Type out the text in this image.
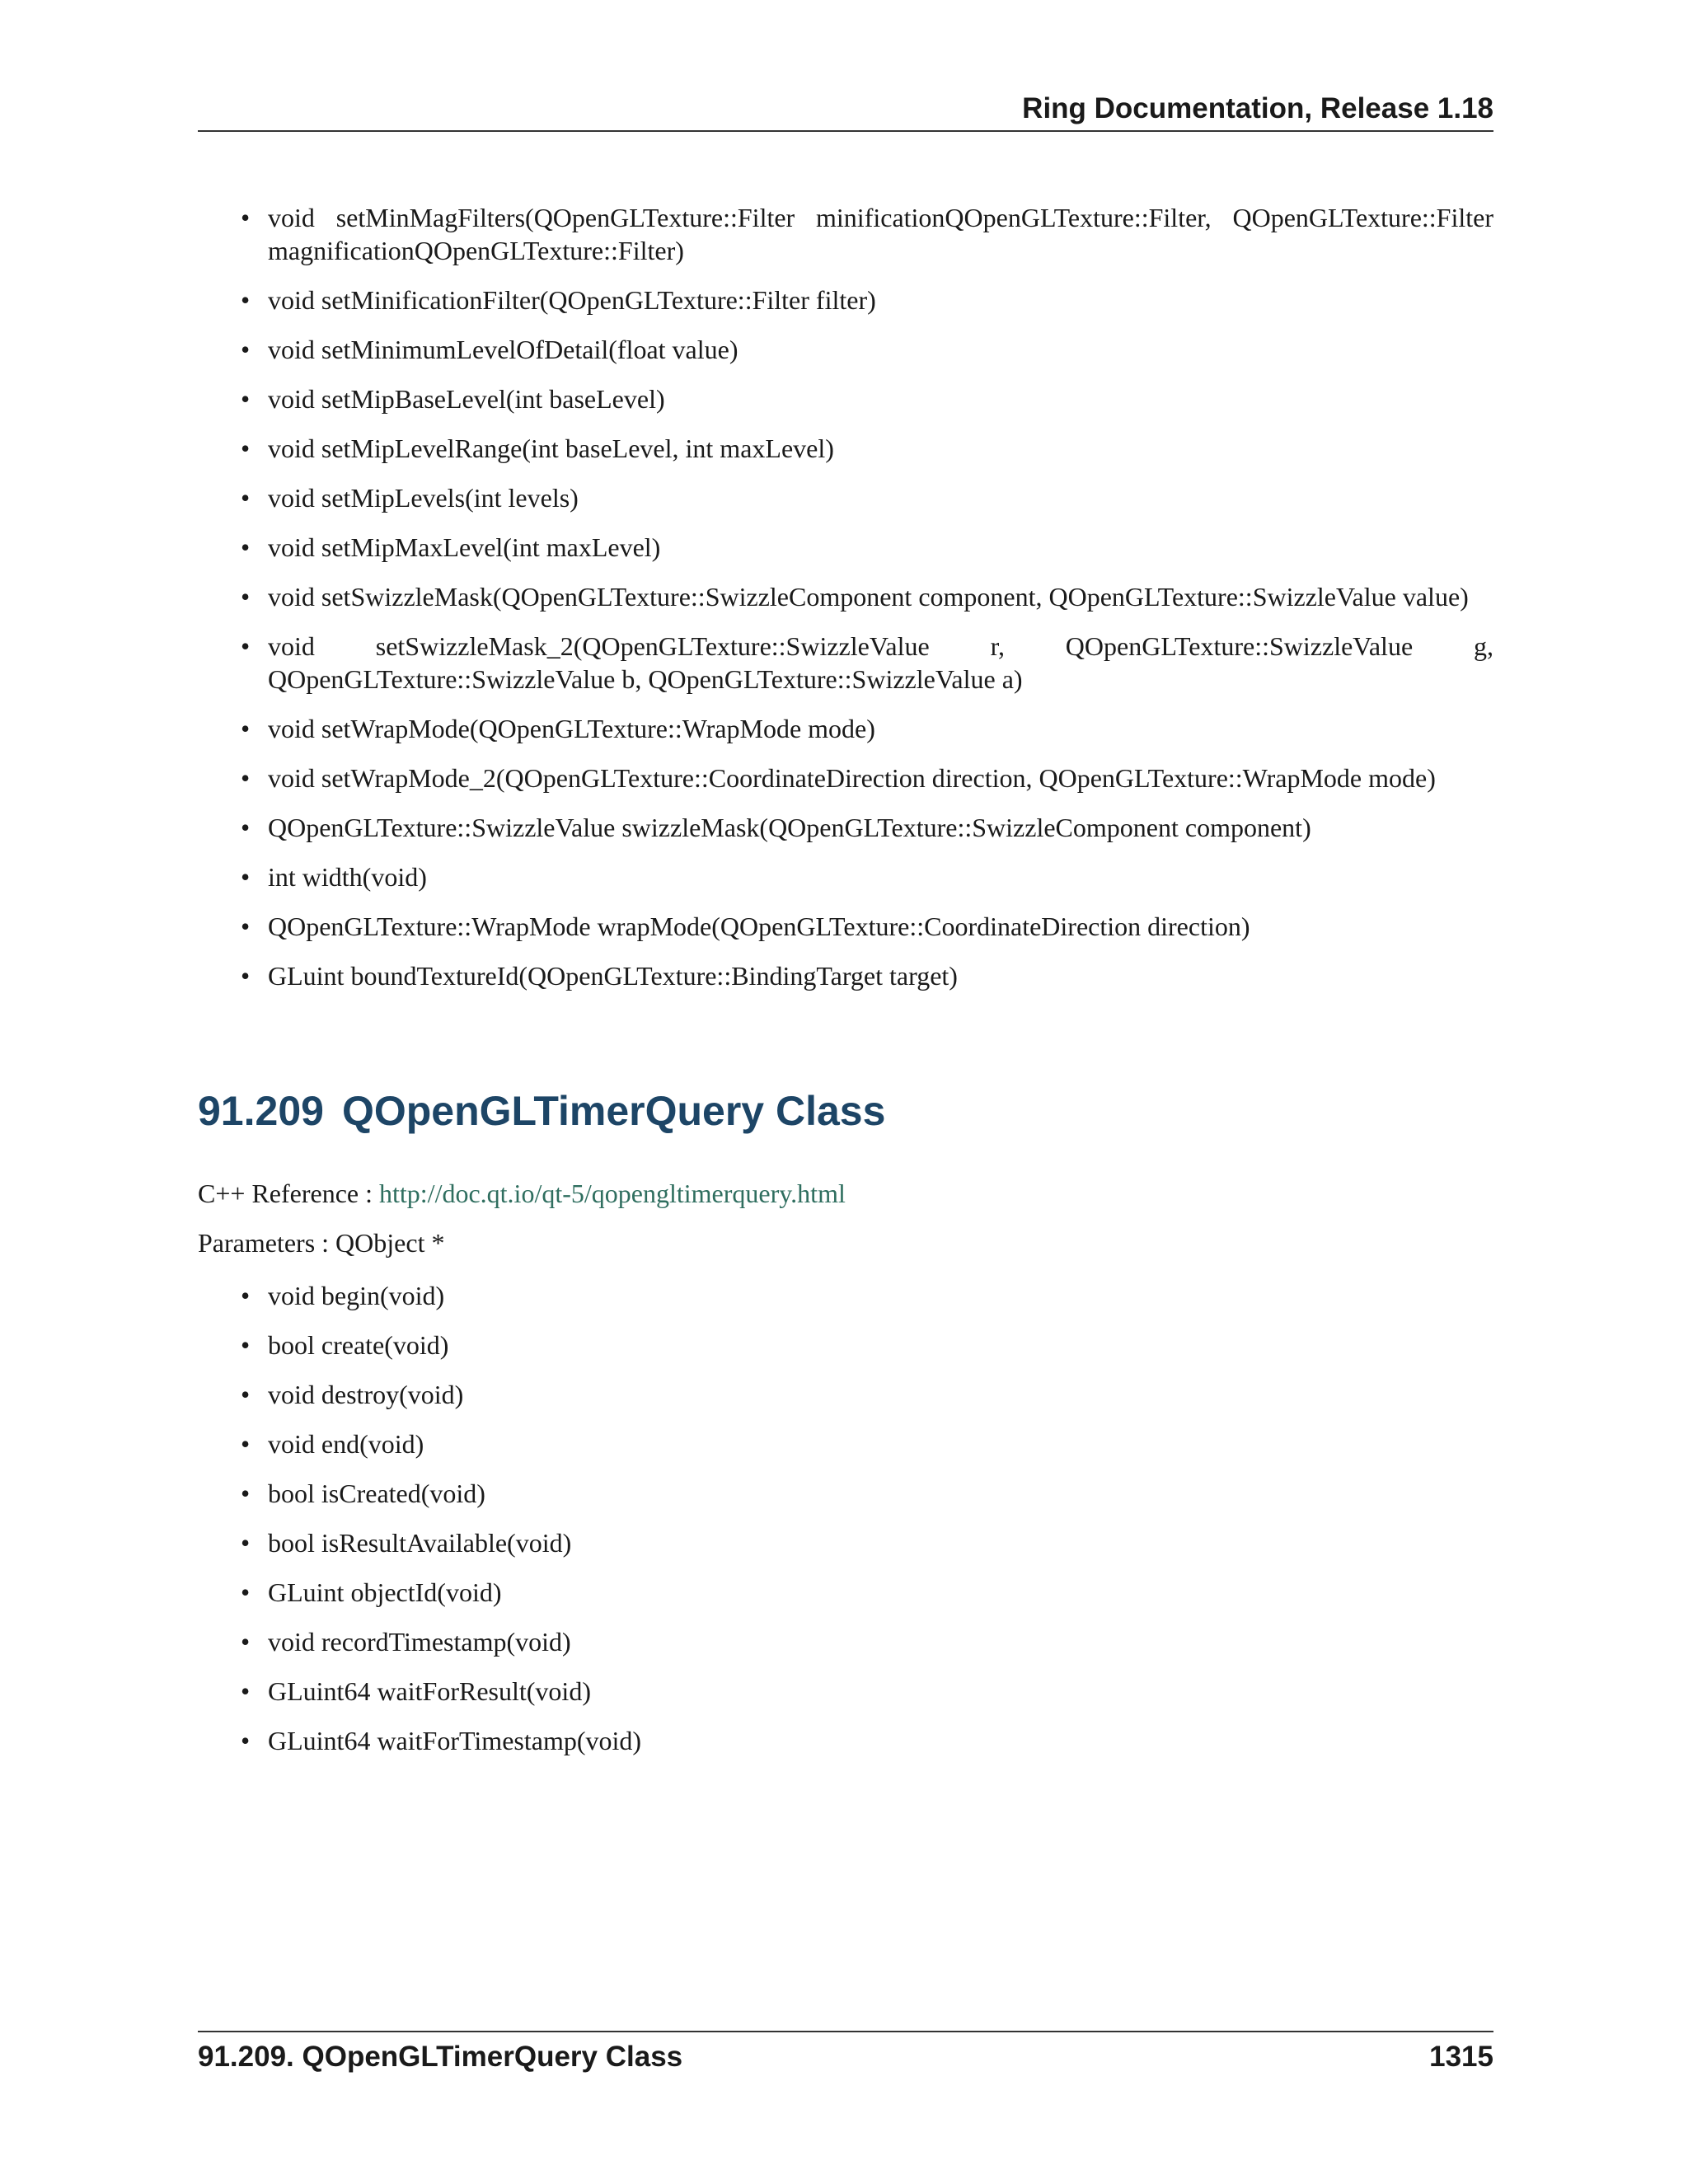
Ring Documentation, Release 1.18
• void setMinMagFilters(QOpenGLTexture::Filter minificationQOpenGLTexture::Filter, QOpenGLTexture::Filter magnificationQOpenGLTexture::Filter)
• void setMinificationFilter(QOpenGLTexture::Filter filter)
• void setMinimumLevelOfDetail(float value)
• void setMipBaseLevel(int baseLevel)
• void setMipLevelRange(int baseLevel, int maxLevel)
• void setMipLevels(int levels)
• void setMipMaxLevel(int maxLevel)
• void setSwizzleMask(QOpenGLTexture::SwizzleComponent component, QOpenGLTexture::SwizzleValue value)
• void setSwizzleMask_2(QOpenGLTexture::SwizzleValue r, QOpenGLTexture::SwizzleValue g, QOpenGLTexture::SwizzleValue b, QOpenGLTexture::SwizzleValue a)
• void setWrapMode(QOpenGLTexture::WrapMode mode)
• void setWrapMode_2(QOpenGLTexture::CoordinateDirection direction, QOpenGLTexture::WrapMode mode)
• QOpenGLTexture::SwizzleValue swizzleMask(QOpenGLTexture::SwizzleComponent component)
• int width(void)
• QOpenGLTexture::WrapMode wrapMode(QOpenGLTexture::CoordinateDirection direction)
• GLuint boundTextureId(QOpenGLTexture::BindingTarget target)
91.209 QOpenGLTimerQuery Class

C++ Reference : http://doc.qt.io/qt-5/qopengltimerquery.html

Parameters : QObject *

• void begin(void)
• bool create(void)
• void destroy(void)
• void end(void)
• bool isCreated(void)
• bool isResultAvailable(void)
• GLuint objectId(void)
• void recordTimestamp(void)
• GLuint64 waitForResult(void)
• GLuint64 waitForTimestamp(void)
91.209. QOpenGLTimerQuery Class	1315
